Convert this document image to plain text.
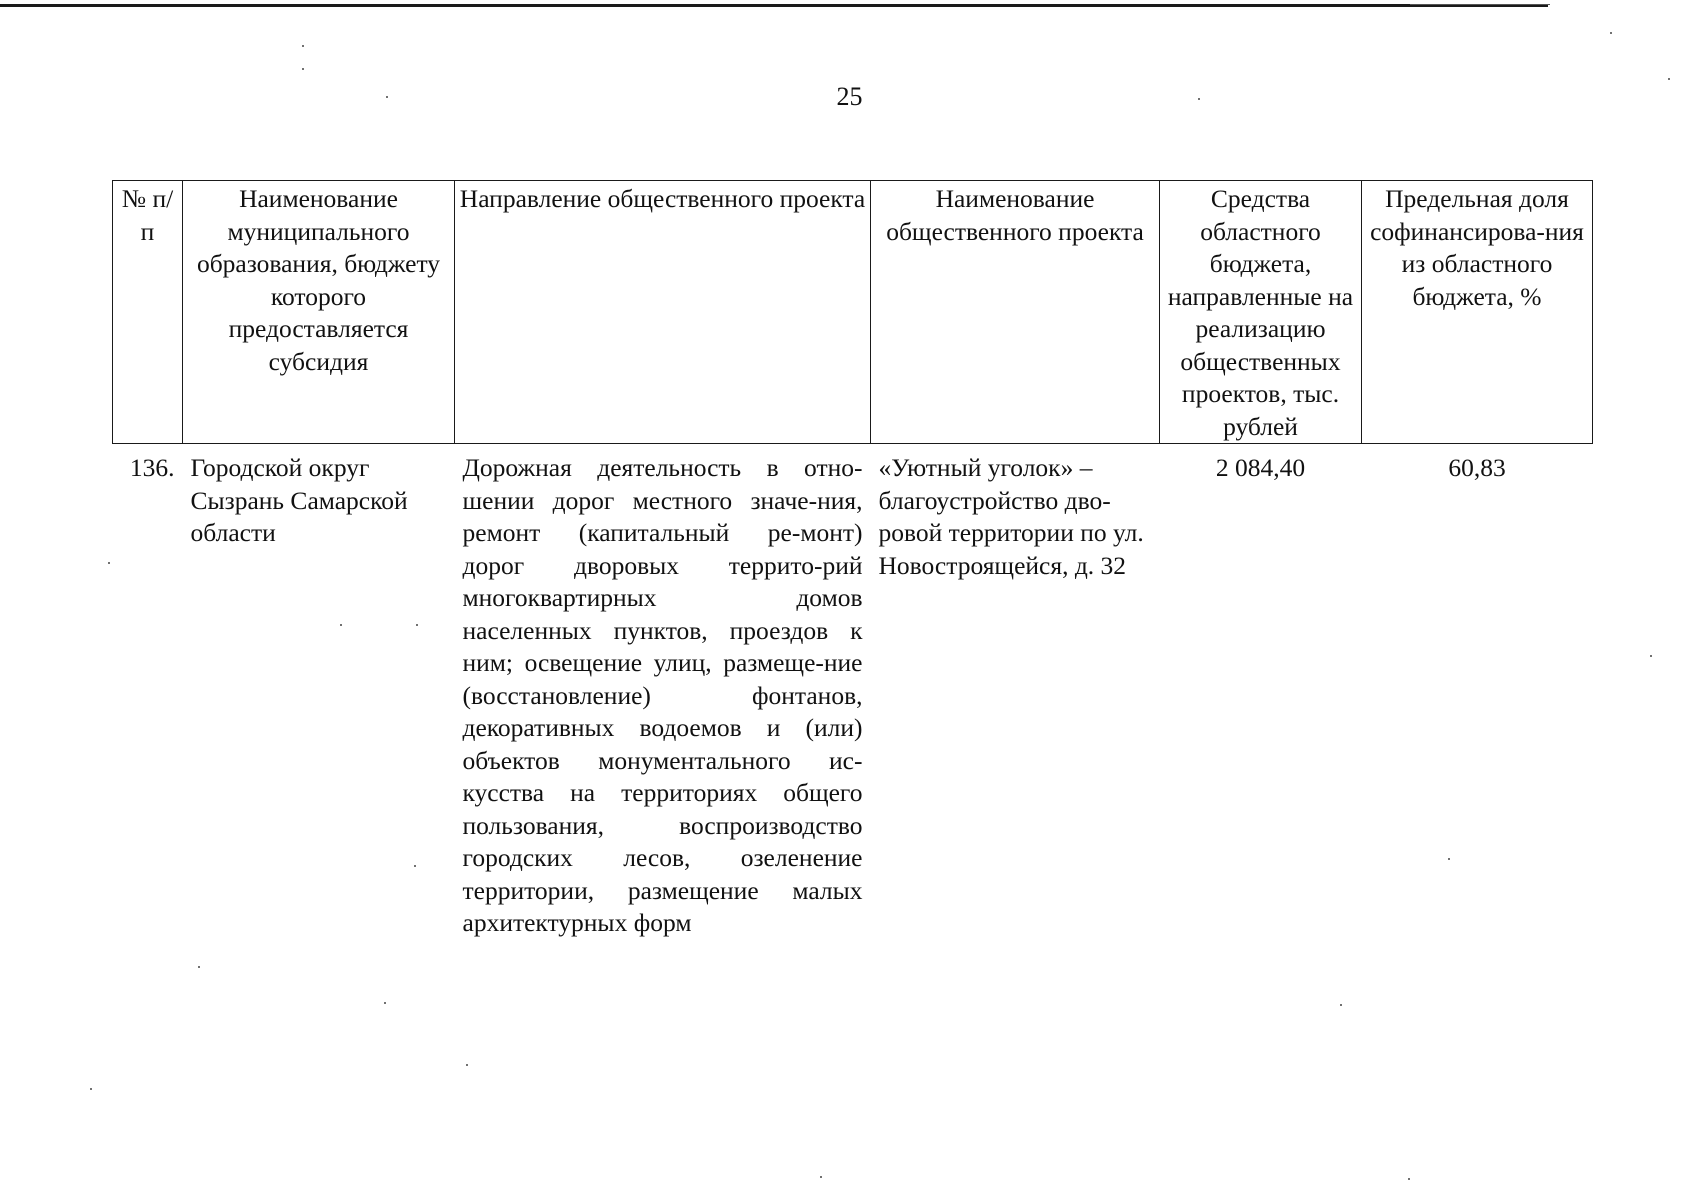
25
№ п/п	Наименование муниципального образования, бюджету которого предоставляется субсидия	Направление общественного проекта	Наименование общественного проекта	Средства областного бюджета, направленные на реализацию общественных проектов, тыс. рублей	Предельная доля софинансирова-ния из областного бюджета, %
136.	Городской округ Сызрань Самарской области	Дорожная деятельность в отно-шении дорог местного значе-ния, ремонт (капитальный ре-монт) дорог дворовых террито-рий многоквартирных домов населенных пунктов, проездов к ним; освещение улиц, размеще-ние (восстановление) фонтанов, декоративных водоемов и (или) объектов монументального ис-кусства на территориях общего пользования, воспроизводство городских лесов, озеленение территории, размещение малых архитектурных форм	«Уютный уголок» – благоустройство дво-ровой территории по ул. Новостроящейся, д. 32	2 084,40	60,83
